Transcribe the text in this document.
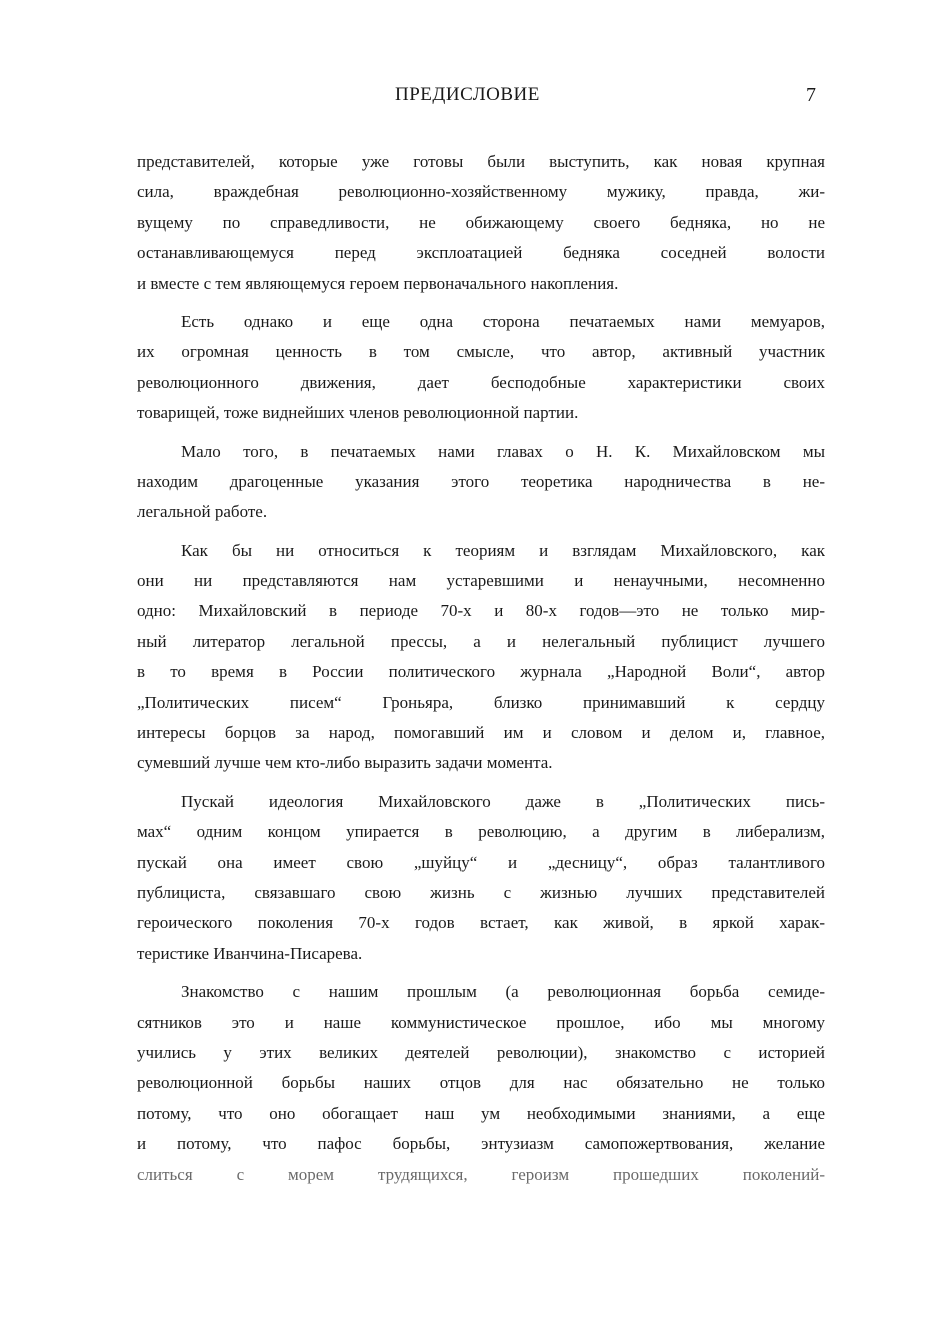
ПРЕДИСЛОВИЕ	7
представителей, которые уже готовы были выступить, как новая крупная
сила, враждебная революционно-хозяйственному мужику, правда, жи-
вущему по справедливости, не обижающему своего бедняка, но не
останавливающемуся перед эксплоатацией бедняка соседней волости
и вместе с тем являющемуся героем первоначального накопления.
Есть однако и еще одна сторона печатаемых нами мемуаров,
их огромная ценность в том смысле, что автор, активный участник
революционного движения, дает бесподобные характеристики своих
товарищей, тоже виднейших членов революционной партии.
Мало того, в печатаемых нами главах о Н. К. Михайловском мы
находим драгоценные указания этого теоретика народничества в не-
легальной работе.
Как бы ни относиться к теориям и взглядам Михайловского, как
они ни представляются нам устаревшими и ненаучными, несомненно
одно: Михайловский в периоде 70-х и 80-х годов—это не только мир-
ный литератор легальной прессы, а и нелегальный публицист лучшего
в то время в России политического журнала „Народной Воли“, автор
„Политических писем“ Гроньяра, близко принимавший к сердцу
интересы борцов за народ, помогавший им и словом и делом и, главное,
сумевший лучше чем кто-либо выразить задачи момента.
Пускай идеология Михайловского даже в „Политических пись-
мах“ одним концом упирается в революцию, а другим в либерализм,
пускай она имеет свою „шуйцу“ и „десницу“, образ талантливого
публициста, связавшаго свою жизнь с жизнью лучших представителей
героического поколения 70-х годов встает, как живой, в яркой харак-
теристике Иванчина-Писарева.
Знакомство с нашим прошлым (а революционная борьба семиде-
сятников это и наше коммунистическое прошлое, ибо мы многому
учились у этих великих деятелей революции), знакомство с историей
революционной борьбы наших отцов для нас обязательно не только
потому, что оно обогащает наш ум необходимыми знаниями, а еще
и потому, что пафос борьбы, энтузиазм самопожертвования, желание
слиться с морем трудящихся, героизм прошедших поколений-
